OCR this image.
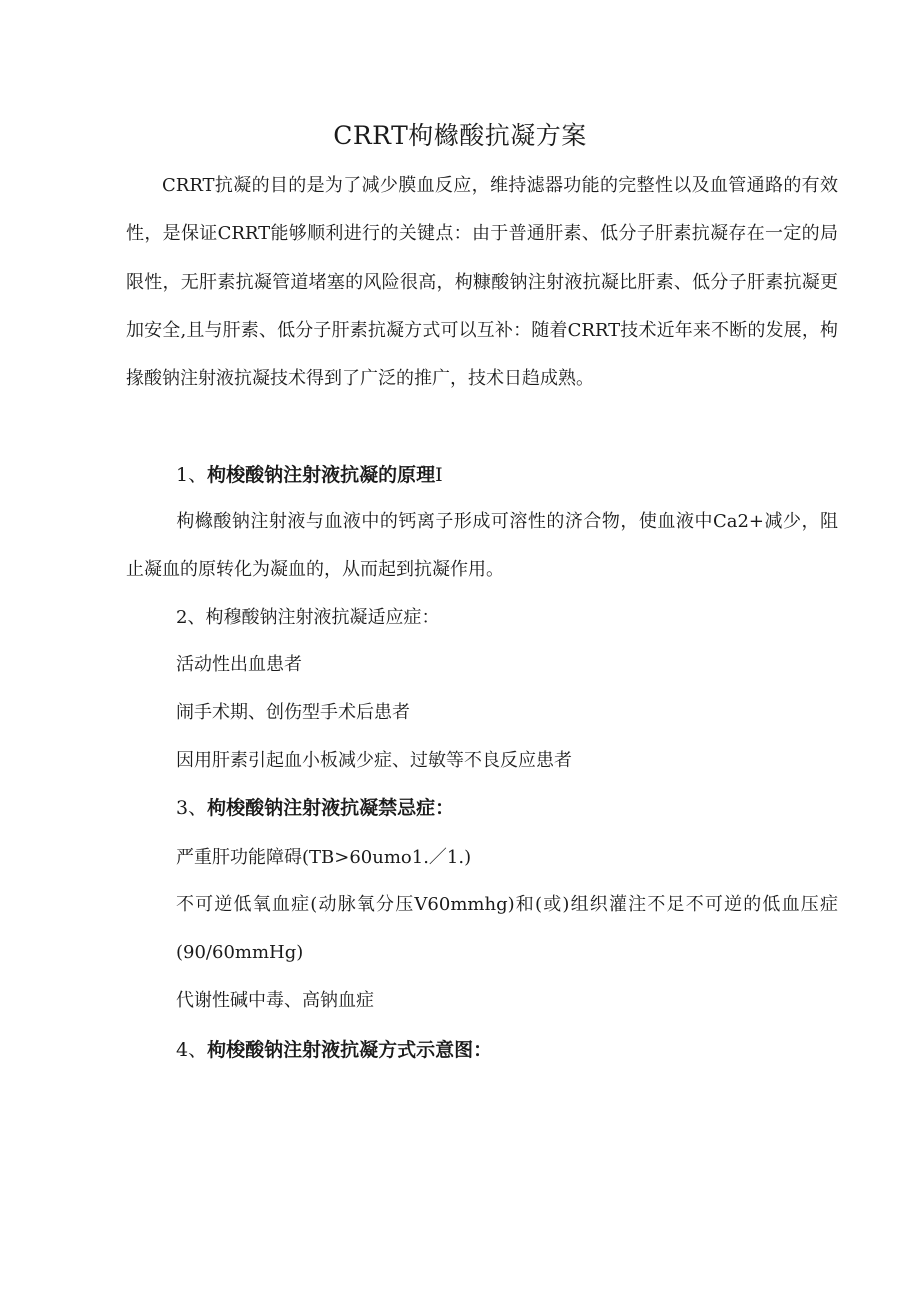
CRRT枸櫞酸抗凝方案

CRRT抗凝的目的是为了减少膜血反应，维持滤器功能的完整性以及血管通路的有效性，是保证CRRT能够顺利进行的关键点：由于普通肝素、低分子肝素抗凝存在一定的局限性，无肝素抗凝管道堵塞的风险很高，枸糠酸钠注射液抗凝比肝素、低分子肝素抗凝更加安全,且与肝素、低分子肝素抗凝方式可以互补：随着CRRT技术近年来不断的发展，枸掾酸钠注射液抗凝技术得到了广泛的推广，技术日趋成熟。

1、枸梭酸钠注射液抗凝的原理I

枸櫞酸钠注射液与血液中的钙离子形成可溶性的济合物，使血液中Ca2+减少，阻止凝血的原转化为凝血的，从而起到抗凝作用。

2、枸穆酸钠注射液抗凝适应症：
活动性出血患者
闹手术期、创伤型手术后患者
因用肝素引起血小板减少症、过敏等不良反应患者
3、枸梭酸钠注射液抗凝禁忌症：
严重肝功能障碍(TB>60umo1.／1.)

不可逆低氧血症(动脉氧分压V60mmhg)和(或)组织灌注不足不可逆的低血压症(90/60mmHg)

代谢性碱中毒、高钠血症
4、枸梭酸钠注射液抗凝方式示意图：
